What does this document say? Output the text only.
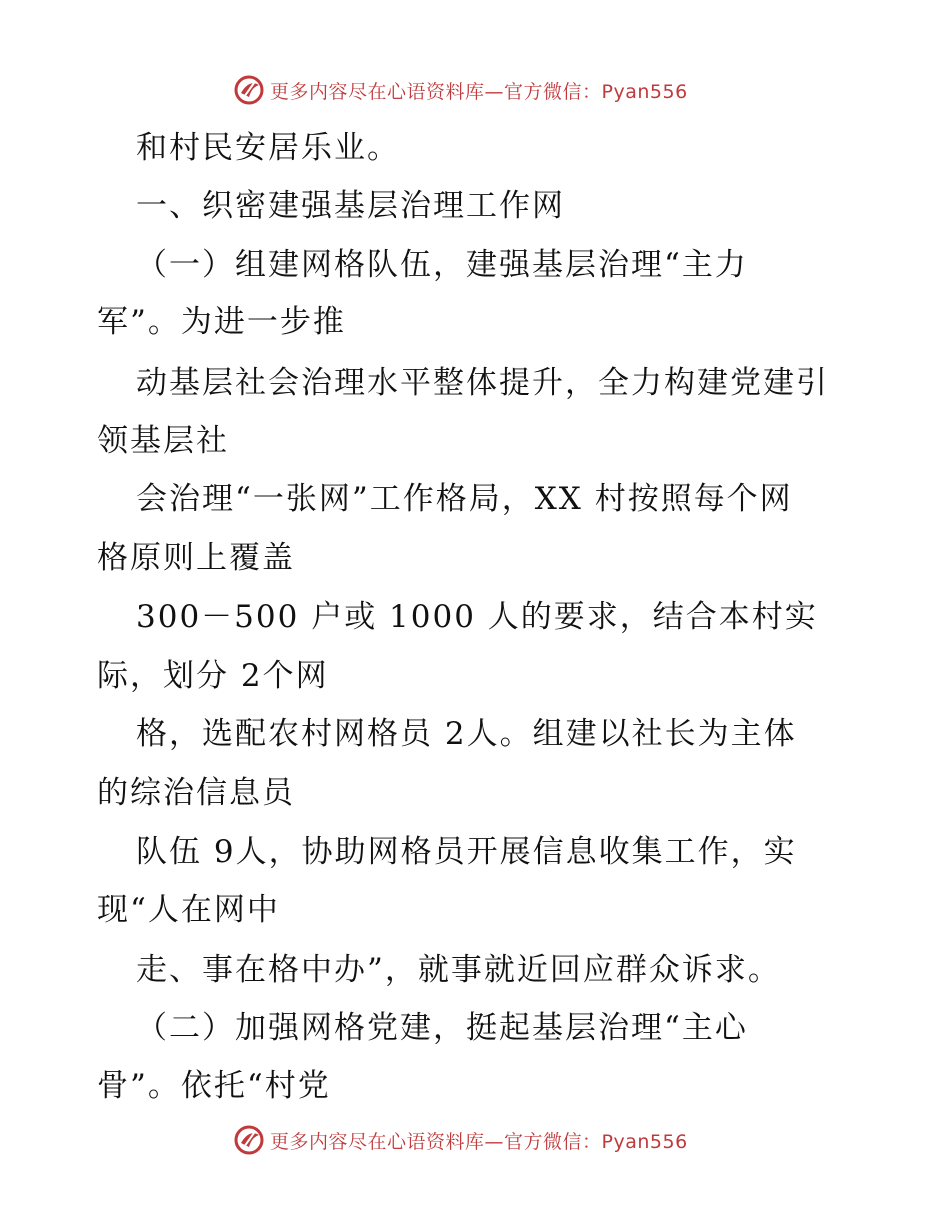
更多内容尽在心语资料库—官方微信：Pyan556
和村民安居乐业。
一、织密建强基层治理工作网
（一）组建网格队伍，建强基层治理“主力
军”。为进一步推
动基层社会治理水平整体提升，全力构建党建引
领基层社
会治理“一张网”工作格局，XX 村按照每个网
格原则上覆盖
300－500 户或 1000 人的要求，结合本村实
际，划分 2个网
格，选配农村网格员 2人。组建以社长为主体
的综治信息员
队伍 9人，协助网格员开展信息收集工作，实
现“人在网中
走、事在格中办”，就事就近回应群众诉求。
（二）加强网格党建，挺起基层治理“主心
骨”。依托“村党
更多内容尽在心语资料库—官方微信：Pyan556
